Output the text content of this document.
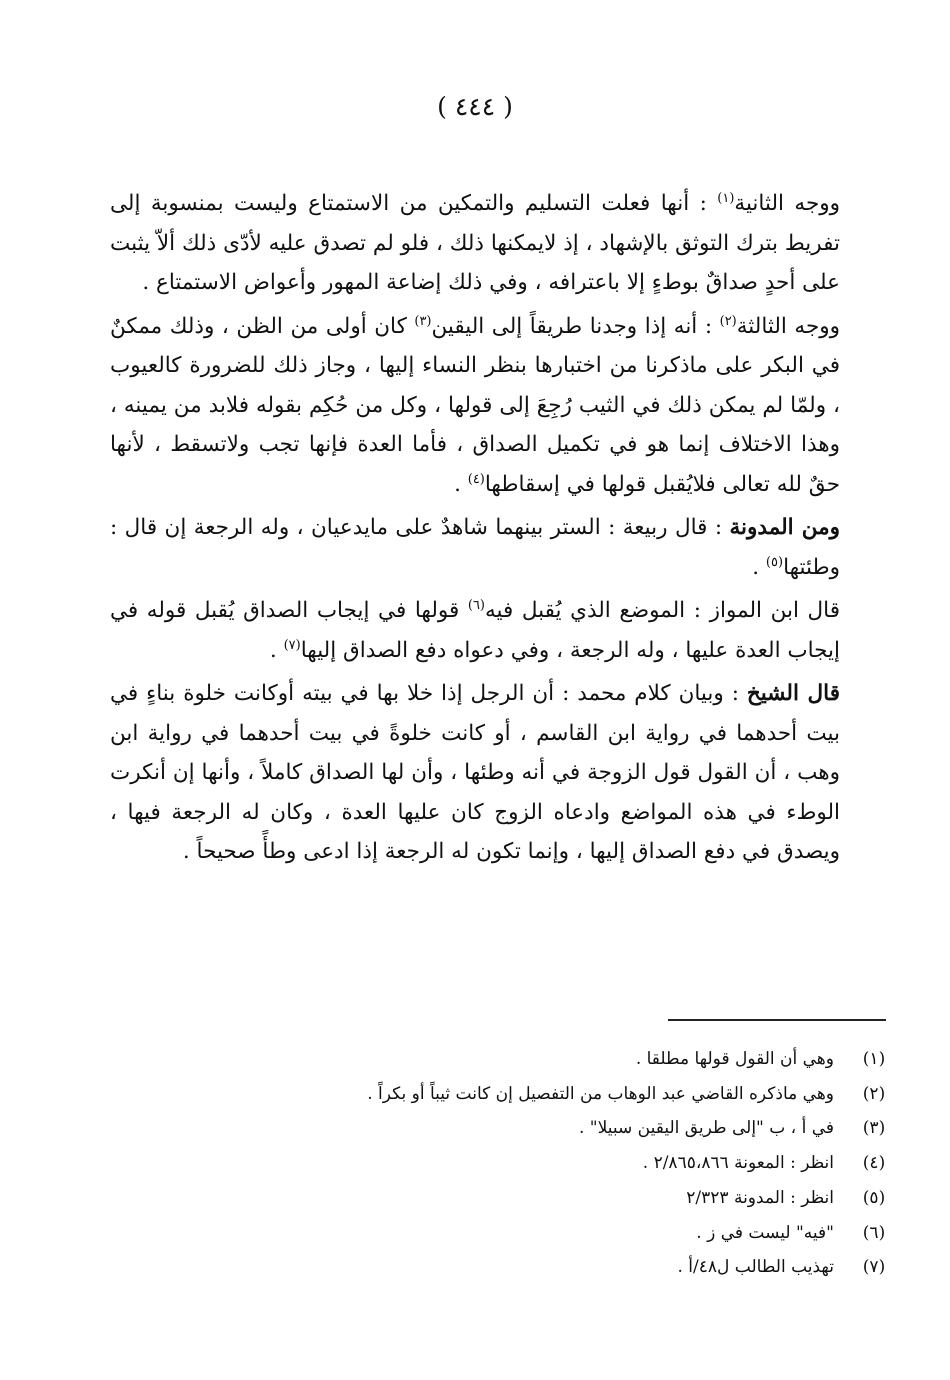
( ٤٤٤ )

ووجه الثانية$^{(١)}$ : أنها فعلت التسليم والتمكين من الاستمتاع وليست بمنسوبة إلى تفريط بترك التوثق بالإشهاد ، إذ لايمكنها ذلك ، فلو لم تصدق عليه لأدّى ذلك ألاّ يثبت على أحدٍ صداقٌ بوطءٍ إلا باعترافه ، وفي ذلك إضاعة المهور وأعواض الاستمتاع .

ووجه الثالثة$^{(٢)}$ : أنه إذا وجدنا طريقاً إلى اليقين$^{(٣)}$ كان أولى من الظن ، وذلك ممكنٌ في البكر على ماذكرنا من اختبارها بنظر النساء إليها ، وجاز ذلك للضرورة كالعيوب ، ولمّا لم يمكن ذلك في الثيب رُجِعَ إلى قولها ، وكل من حُكِم بقوله فلابد من يمينه ، وهذا الاختلاف إنما هو في تكميل الصداق ، فأما العدة فإنها تجب ولاتسقط ، لأنها حقٌ لله تعالى فلايُقبل قولها في إسقاطها$^{(٤)}$ .

ومن المدونة : قال ربيعة : الستر بينهما شاهدٌ على مايدعيان ، وله الرجعة إن قال : وطئتها$^{(٥)}$ .

قال ابن المواز : الموضع الذي يُقبل فيه$^{(٦)}$ قولها في إيجاب الصداق يُقبل قوله في إيجاب العدة عليها ، وله الرجعة ، وفي دعواه دفع الصداق إليها$^{(٧)}$ .

قال الشيخ : وبيان كلام محمد : أن الرجل إذا خلا بها في بيته أوكانت خلوة بناءٍ في بيت أحدهما في رواية ابن القاسم ، أو كانت خلوةً في بيت أحدهما في رواية ابن وهب ، أن القول قول الزوجة في أنه وطئها ، وأن لها الصداق كاملاً ، وأنها إن أنكرت الوطء في هذه المواضع وادعاه الزوج كان عليها العدة ، وكان له الرجعة فيها ، ويصدق في دفع الصداق إليها ، وإنما تكون له الرجعة إذا ادعى وطأً صحيحاً .

(١)
وهي أن القول قولها مطلقا .
(٢)
وهي ماذكره القاضي عبد الوهاب من التفصيل إن كانت ثيباً أو بكراً .
(٣)
في أ ، ب "إلى طريق اليقين سبيلا" .
(٤)
انظر : المعونة ٢/٨٦٥،٨٦٦ .
(٥)
انظر : المدونة ٢/٣٢٣
(٦)
"فيه" ليست في ز .
(٧)
تهذيب الطالب ل٤٨/أ .
